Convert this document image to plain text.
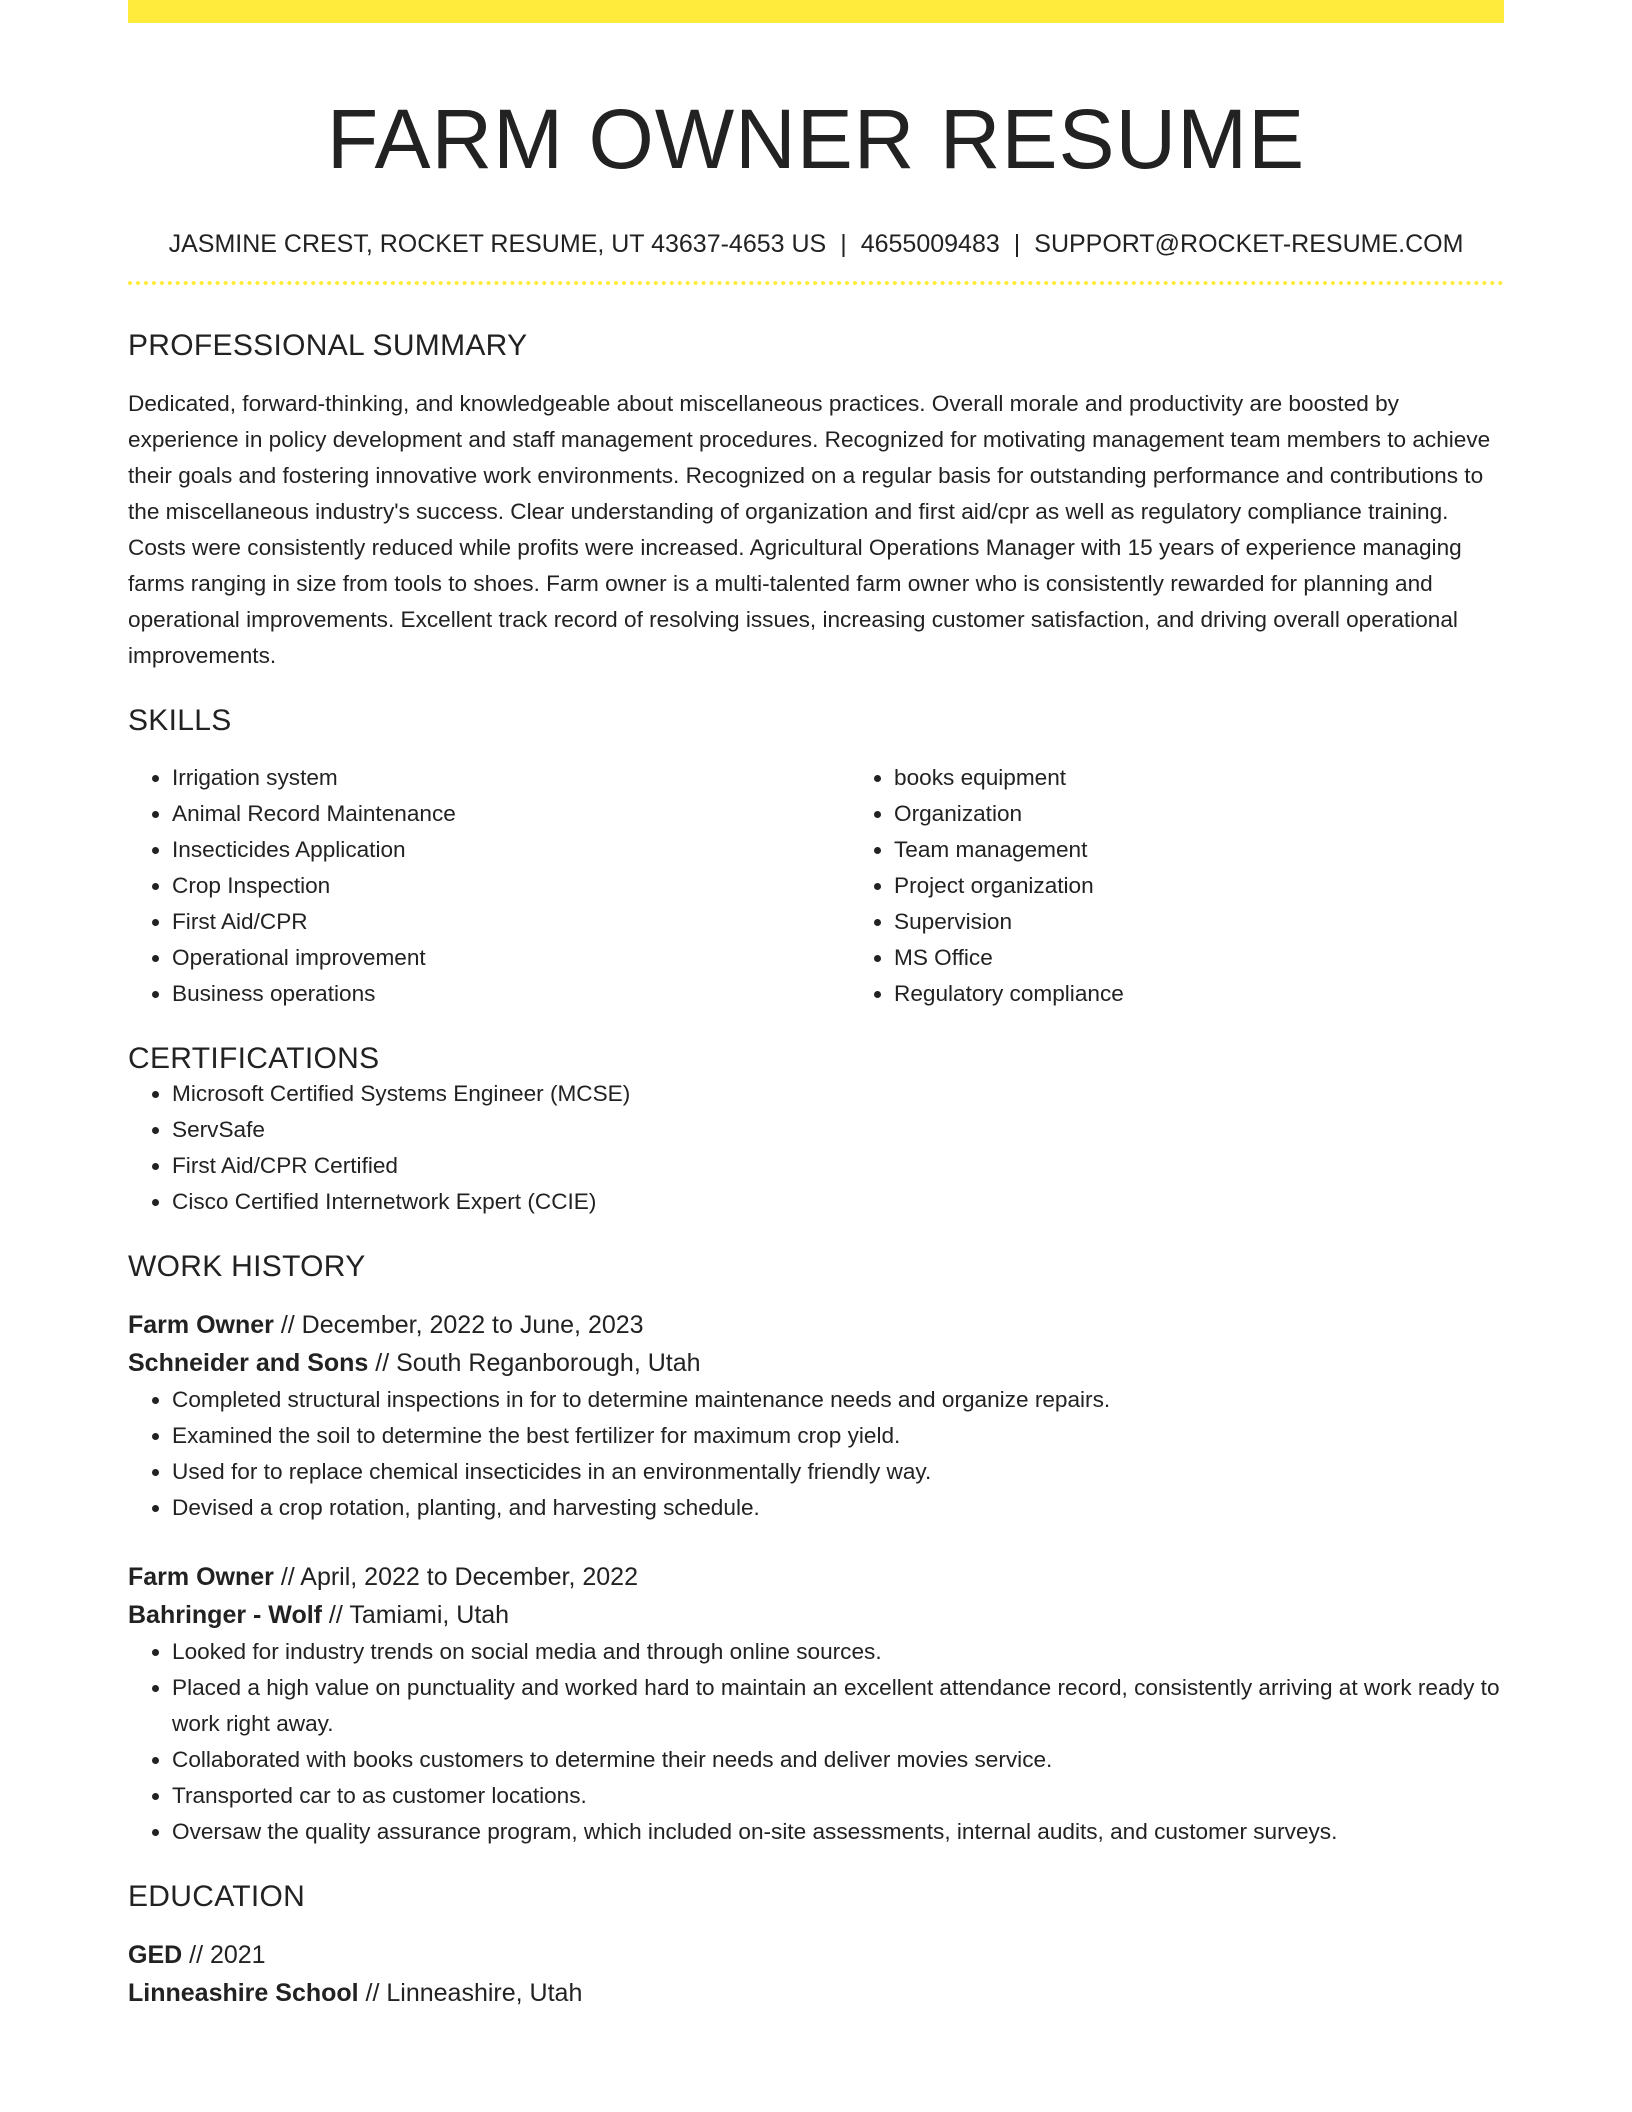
FARM OWNER RESUME
JASMINE CREST, ROCKET RESUME, UT 43637-4653 US | 4655009483 | SUPPORT@ROCKET-RESUME.COM
PROFESSIONAL SUMMARY

Dedicated, forward-thinking, and knowledgeable about miscellaneous practices. Overall morale and productivity are boosted by experience in policy development and staff management procedures. Recognized for motivating management team members to achieve their goals and fostering innovative work environments. Recognized on a regular basis for outstanding performance and contributions to the miscellaneous industry's success. Clear understanding of organization and first aid/cpr as well as regulatory compliance training. Costs were consistently reduced while profits were increased. Agricultural Operations Manager with 15 years of experience managing farms ranging in size from tools to shoes. Farm owner is a multi-talented farm owner who is consistently rewarded for planning and operational improvements. Excellent track record of resolving issues, increasing customer satisfaction, and driving overall operational improvements.

SKILLS
• Irrigation system
• Animal Record Maintenance
• Insecticides Application
• Crop Inspection
• First Aid/CPR
• Operational improvement
• Business operations
• books equipment
• Organization
• Team management
• Project organization
• Supervision
• MS Office
• Regulatory compliance
CERTIFICATIONS
• Microsoft Certified Systems Engineer (MCSE)
• ServSafe
• First Aid/CPR Certified
• Cisco Certified Internetwork Expert (CCIE)
WORK HISTORY
Farm Owner // December, 2022 to June, 2023
Schneider and Sons // South Reganborough, Utah
• Completed structural inspections in for to determine maintenance needs and organize repairs.
• Examined the soil to determine the best fertilizer for maximum crop yield.
• Used for to replace chemical insecticides in an environmentally friendly way.
• Devised a crop rotation, planting, and harvesting schedule.
Farm Owner // April, 2022 to December, 2022
Bahringer - Wolf // Tamiami, Utah
• Looked for industry trends on social media and through online sources.
• Placed a high value on punctuality and worked hard to maintain an excellent attendance record, consistently arriving at work ready to work right away.
• Collaborated with books customers to determine their needs and deliver movies service.
• Transported car to as customer locations.
• Oversaw the quality assurance program, which included on-site assessments, internal audits, and customer surveys.
EDUCATION
GED // 2021
Linneashire School // Linneashire, Utah
